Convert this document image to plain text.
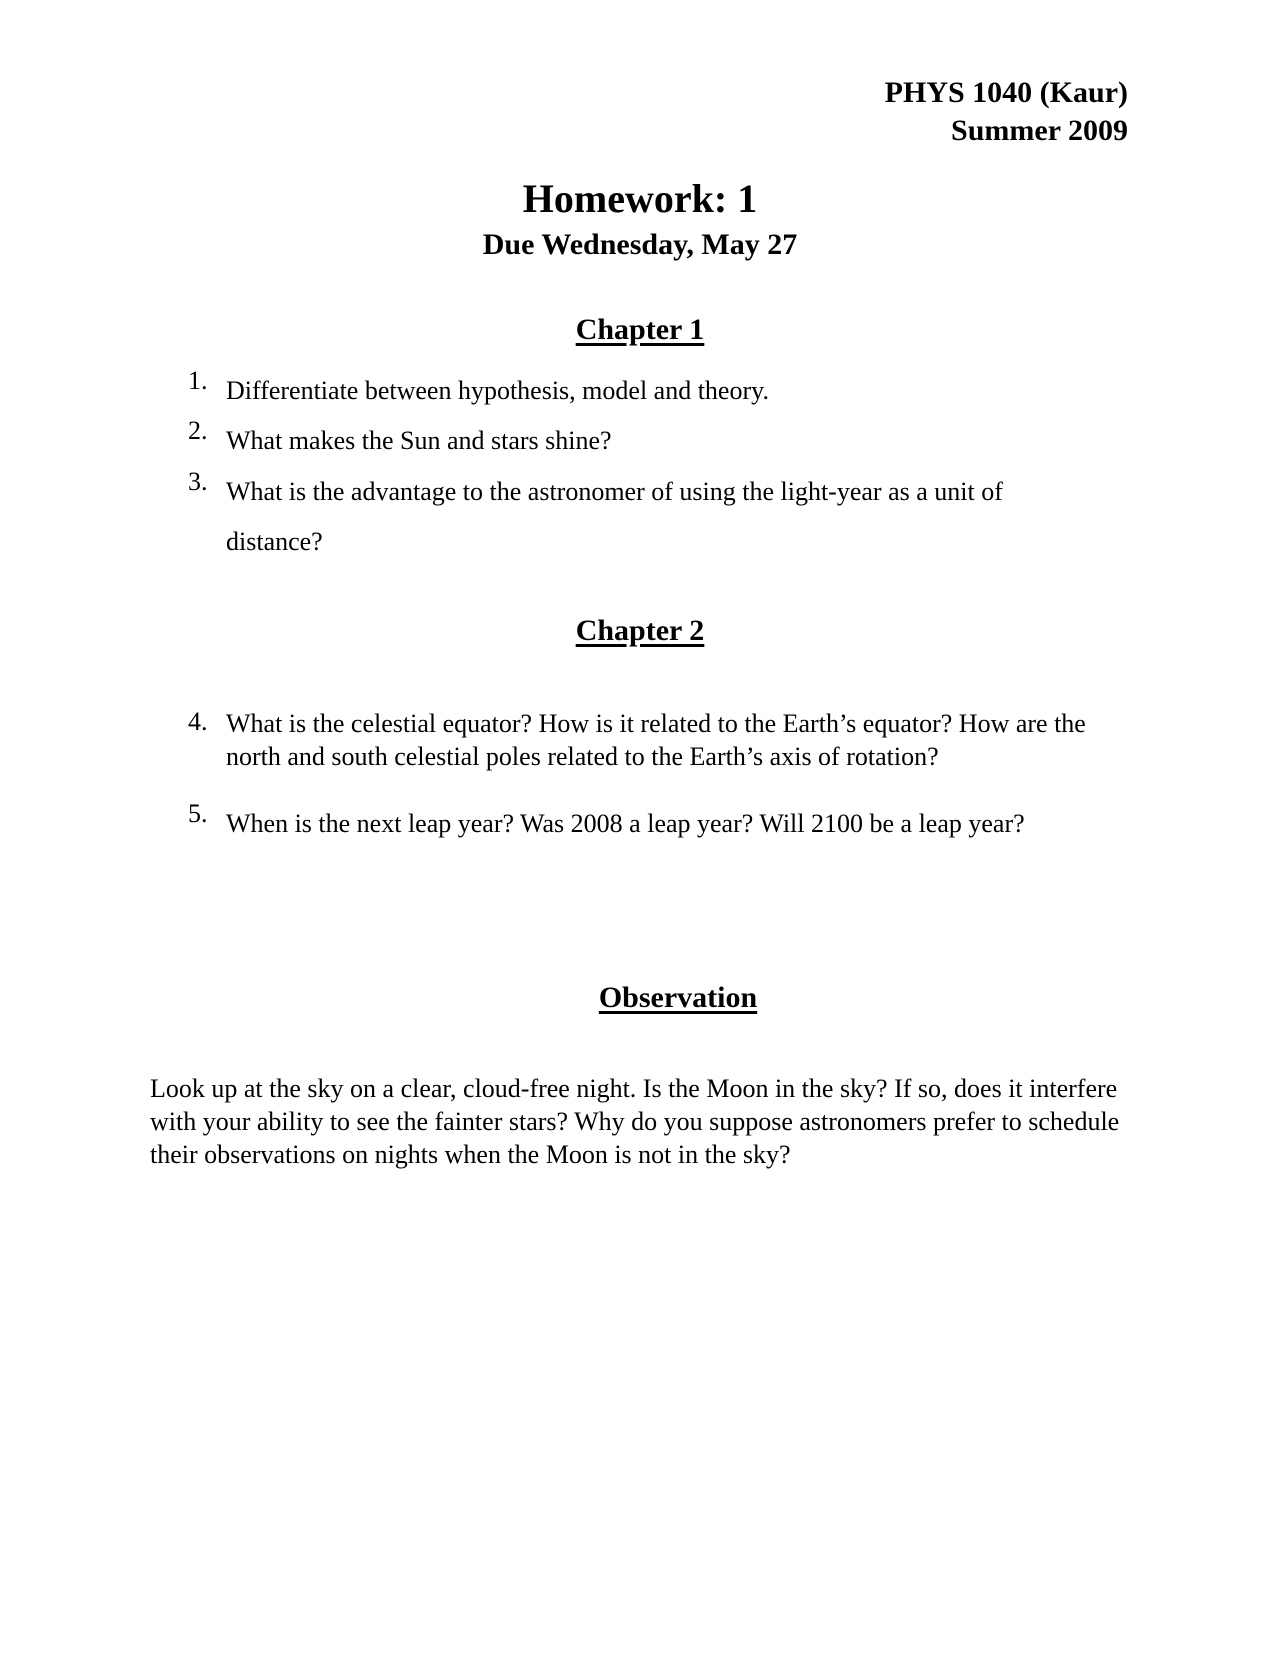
PHYS 1040 (Kaur)
Summer 2009
Homework: 1
Due Wednesday, May 27
Chapter 1
1. Differentiate between hypothesis, model and theory.
2. What makes the Sun and stars shine?
3. What is the advantage to the astronomer of using the light-year as a unit of distance?
Chapter 2
4. What is the celestial equator? How is it related to the Earth’s equator? How are the north and south celestial poles related to the Earth’s axis of rotation?
5. When is the next leap year? Was 2008 a leap year? Will 2100 be a leap year?
Observation
Look up at the sky on a clear, cloud-free night. Is the Moon in the sky? If so, does it interfere with your ability to see the fainter stars? Why do you suppose astronomers prefer to schedule their observations on nights when the Moon is not in the sky?
